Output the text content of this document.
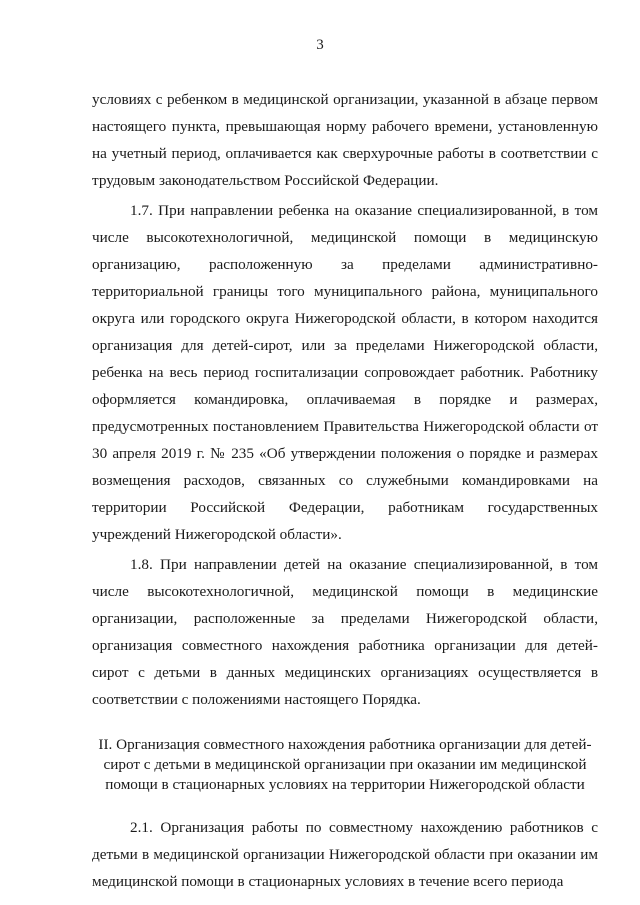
3

условиях с ребенком в медицинской организации, указанной в абзаце первом настоящего пункта, превышающая норму рабочего времени, установленную на учетный период, оплачивается как сверхурочные работы в соответствии с трудовым законодательством Российской Федерации.

1.7. При направлении ребенка на оказание специализированной, в том числе высокотехнологичной, медицинской помощи в медицинскую организацию, расположенную за пределами административно-территориальной границы того муниципального района, муниципального округа или городского округа Нижегородской области, в котором находится организация для детей-сирот, или за пределами Нижегородской области, ребенка на весь период госпитализации сопровождает работник. Работнику оформляется командировка, оплачиваемая в порядке и размерах, предусмотренных постановлением Правительства Нижегородской области от 30 апреля 2019 г. № 235 «Об утверждении положения о порядке и размерах возмещения расходов, связанных со служебными командировками на территории Российской Федерации, работникам государственных учреждений Нижегородской области».

1.8. При направлении детей на оказание специализированной, в том числе высокотехнологичной, медицинской помощи в медицинские организации, расположенные за пределами Нижегородской области, организация совместного нахождения работника организации для детей-сирот с детьми в данных медицинских организациях осуществляется в соответствии с положениями настоящего Порядка.

II. Организация совместного нахождения работника организации для детей-сирот с детьми в медицинской организации при оказании им медицинской помощи в стационарных условиях на территории Нижегородской области

2.1. Организация работы по совместному нахождению работников с детьми в медицинской организации Нижегородской области при оказании им медицинской помощи в стационарных условиях в течение всего периода
